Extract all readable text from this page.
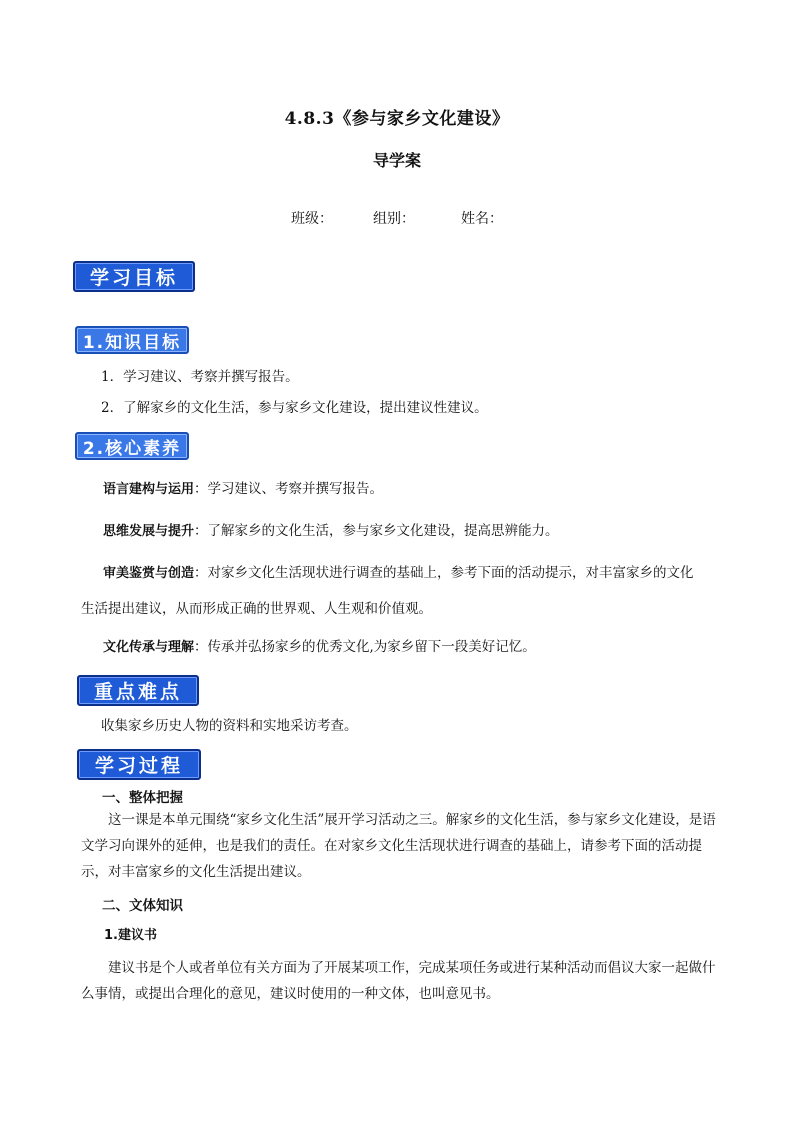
4.8.3《参与家乡文化建设》
导学案
班级：	组别：	姓名：
学习目标
1.知识目标
1．学习建议、考察并撰写报告。
2．了解家乡的文化生活，参与家乡文化建设，提出建议性建议。
2.核心素养
语言建构与运用：学习建议、考察并撰写报告。
思维发展与提升：了解家乡的文化生活，参与家乡文化建设，提高思辨能力。
审美鉴赏与创造：对家乡文化生活现状进行调查的基础上，参考下面的活动提示，对丰富家乡的文化
生活提出建议，从而形成正确的世界观、人生观和价值观。
文化传承与理解：传承并弘扬家乡的优秀文化,为家乡留下一段美好记忆。
重点难点
收集家乡历史人物的资料和实地采访考查。
学习过程
一、整体把握
这一课是本单元围绕“家乡文化生活”展开学习活动之三。解家乡的文化生活，参与家乡文化建设，是语文学习向课外的延伸，也是我们的责任。在对家乡文化生活现状进行调查的基础上，请参考下面的活动提示，对丰富家乡的文化生活提出建议。
二、文体知识
1.建议书
建议书是个人或者单位有关方面为了开展某项工作，完成某项任务或进行某种活动而倡议大家一起做什么事情，或提出合理化的意见，建议时使用的一种文体，也叫意见书。
